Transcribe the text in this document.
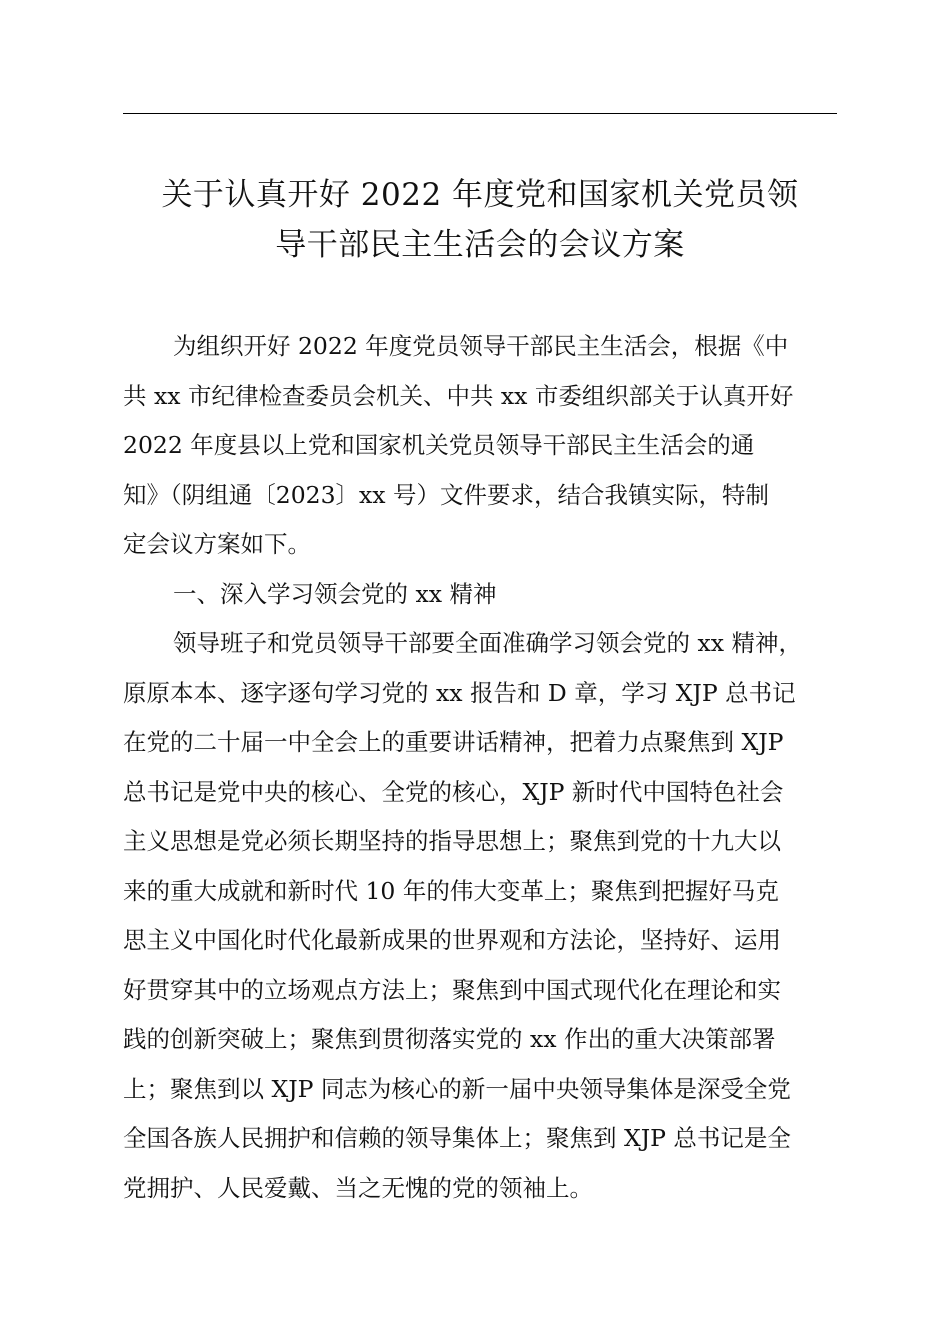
关于认真开好 2022 年度党和国家机关党员领
导干部民主生活会的会议方案
为组织开好 2022 年度党员领导干部民主生活会，根据《中
共 xx 市纪律检查委员会机关、中共 xx 市委组织部关于认真开好
2022 年度县以上党和国家机关党员领导干部民主生活会的通
知》（阴组通〔2023〕xx 号）文件要求，结合我镇实际，特制
定会议方案如下。
一、深入学习领会党的 xx 精神
领导班子和党员领导干部要全面准确学习领会党的 xx 精神，
原原本本、逐字逐句学习党的 xx 报告和 D 章，学习 XJP 总书记
在党的二十届一中全会上的重要讲话精神，把着力点聚焦到 XJP
总书记是党中央的核心、全党的核心，XJP 新时代中国特色社会
主义思想是党必须长期坚持的指导思想上；聚焦到党的十九大以
来的重大成就和新时代 10 年的伟大变革上；聚焦到把握好马克
思主义中国化时代化最新成果的世界观和方法论，坚持好、运用
好贯穿其中的立场观点方法上；聚焦到中国式现代化在理论和实
践的创新突破上；聚焦到贯彻落实党的 xx 作出的重大决策部署
上；聚焦到以 XJP 同志为核心的新一届中央领导集体是深受全党
全国各族人民拥护和信赖的领导集体上；聚焦到 XJP 总书记是全
党拥护、人民爱戴、当之无愧的党的领袖上。
